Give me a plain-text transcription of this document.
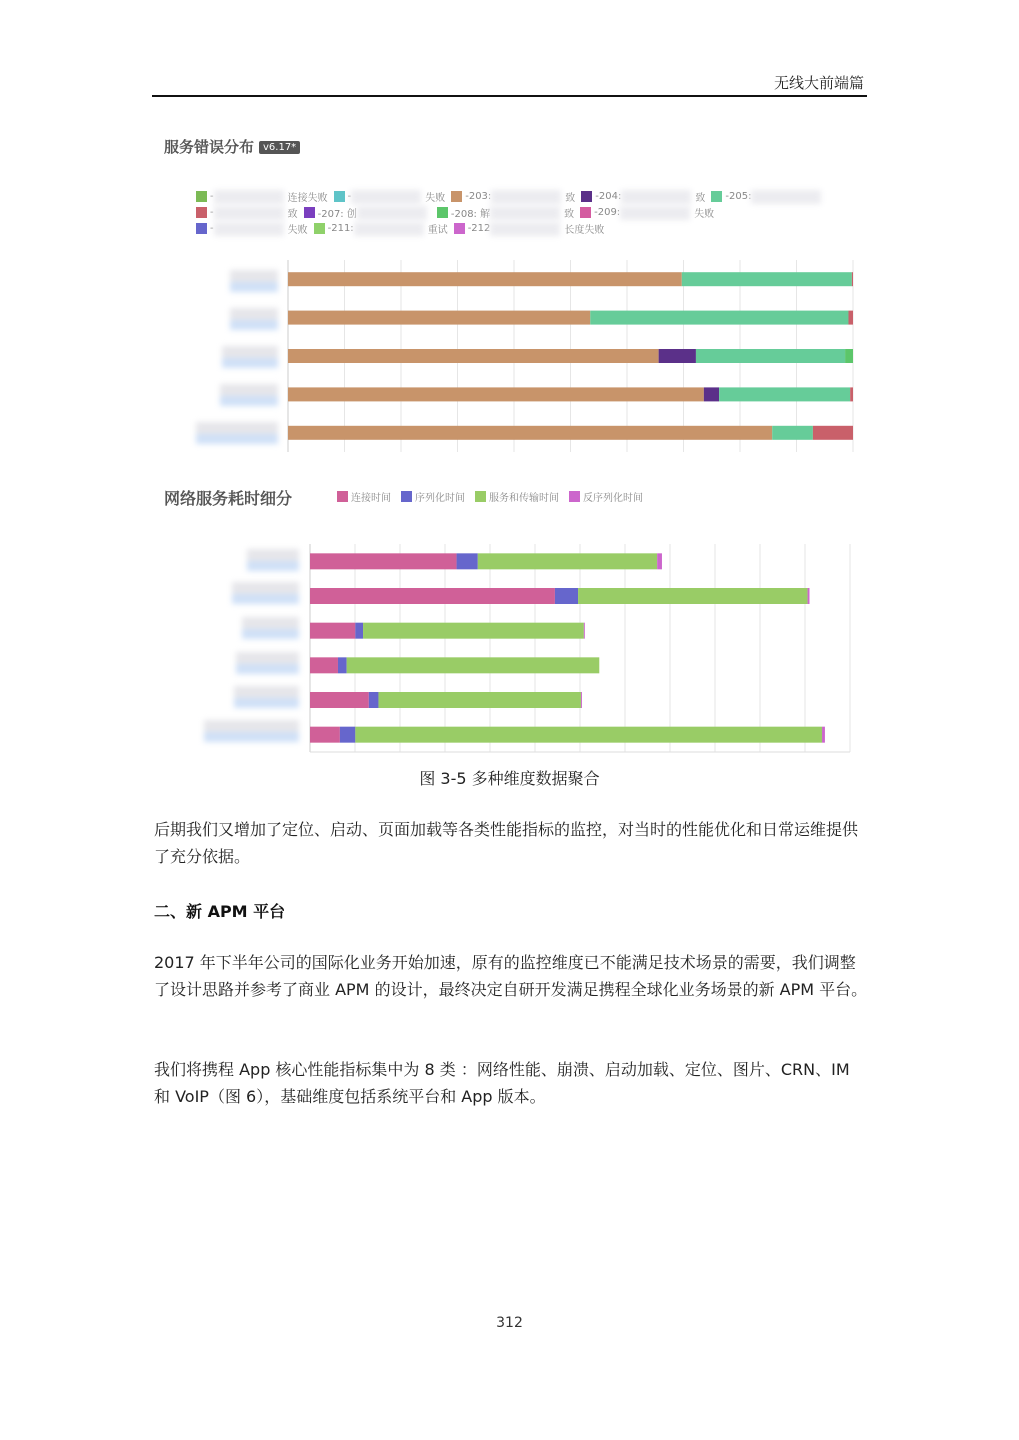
无线大前端篇
服务错误分布 v6.17*
-	连接失败 -	失败 -203:	致 -204:	致 -205:
-	致 -207: 创	-208: 解	致 -209:	失败
-	失败 -211:	重试 -212	长度失败
网络服务耗时细分	连接时间 序列化时间 服务和传输时间 反序列化时间
图 3-5 多种维度数据聚合
后期我们又增加了定位、启动、页面加载等各类性能指标的监控，对当时的性能优化和日常运维提供了充分依据。
二、新 APM 平台
2017 年下半年公司的国际化业务开始加速，原有的监控维度已不能满足技术场景的需要，我们调整了设计思路并参考了商业 APM 的设计，最终决定自研开发满足携程全球化业务场景的新 APM 平台。
我们将携程 App 核心性能指标集中为 8 类 ：网络性能、崩溃、启动加载、定位、图片、CRN、IM 和 VoIP（图 6），基础维度包括系统平台和 App 版本。
312
